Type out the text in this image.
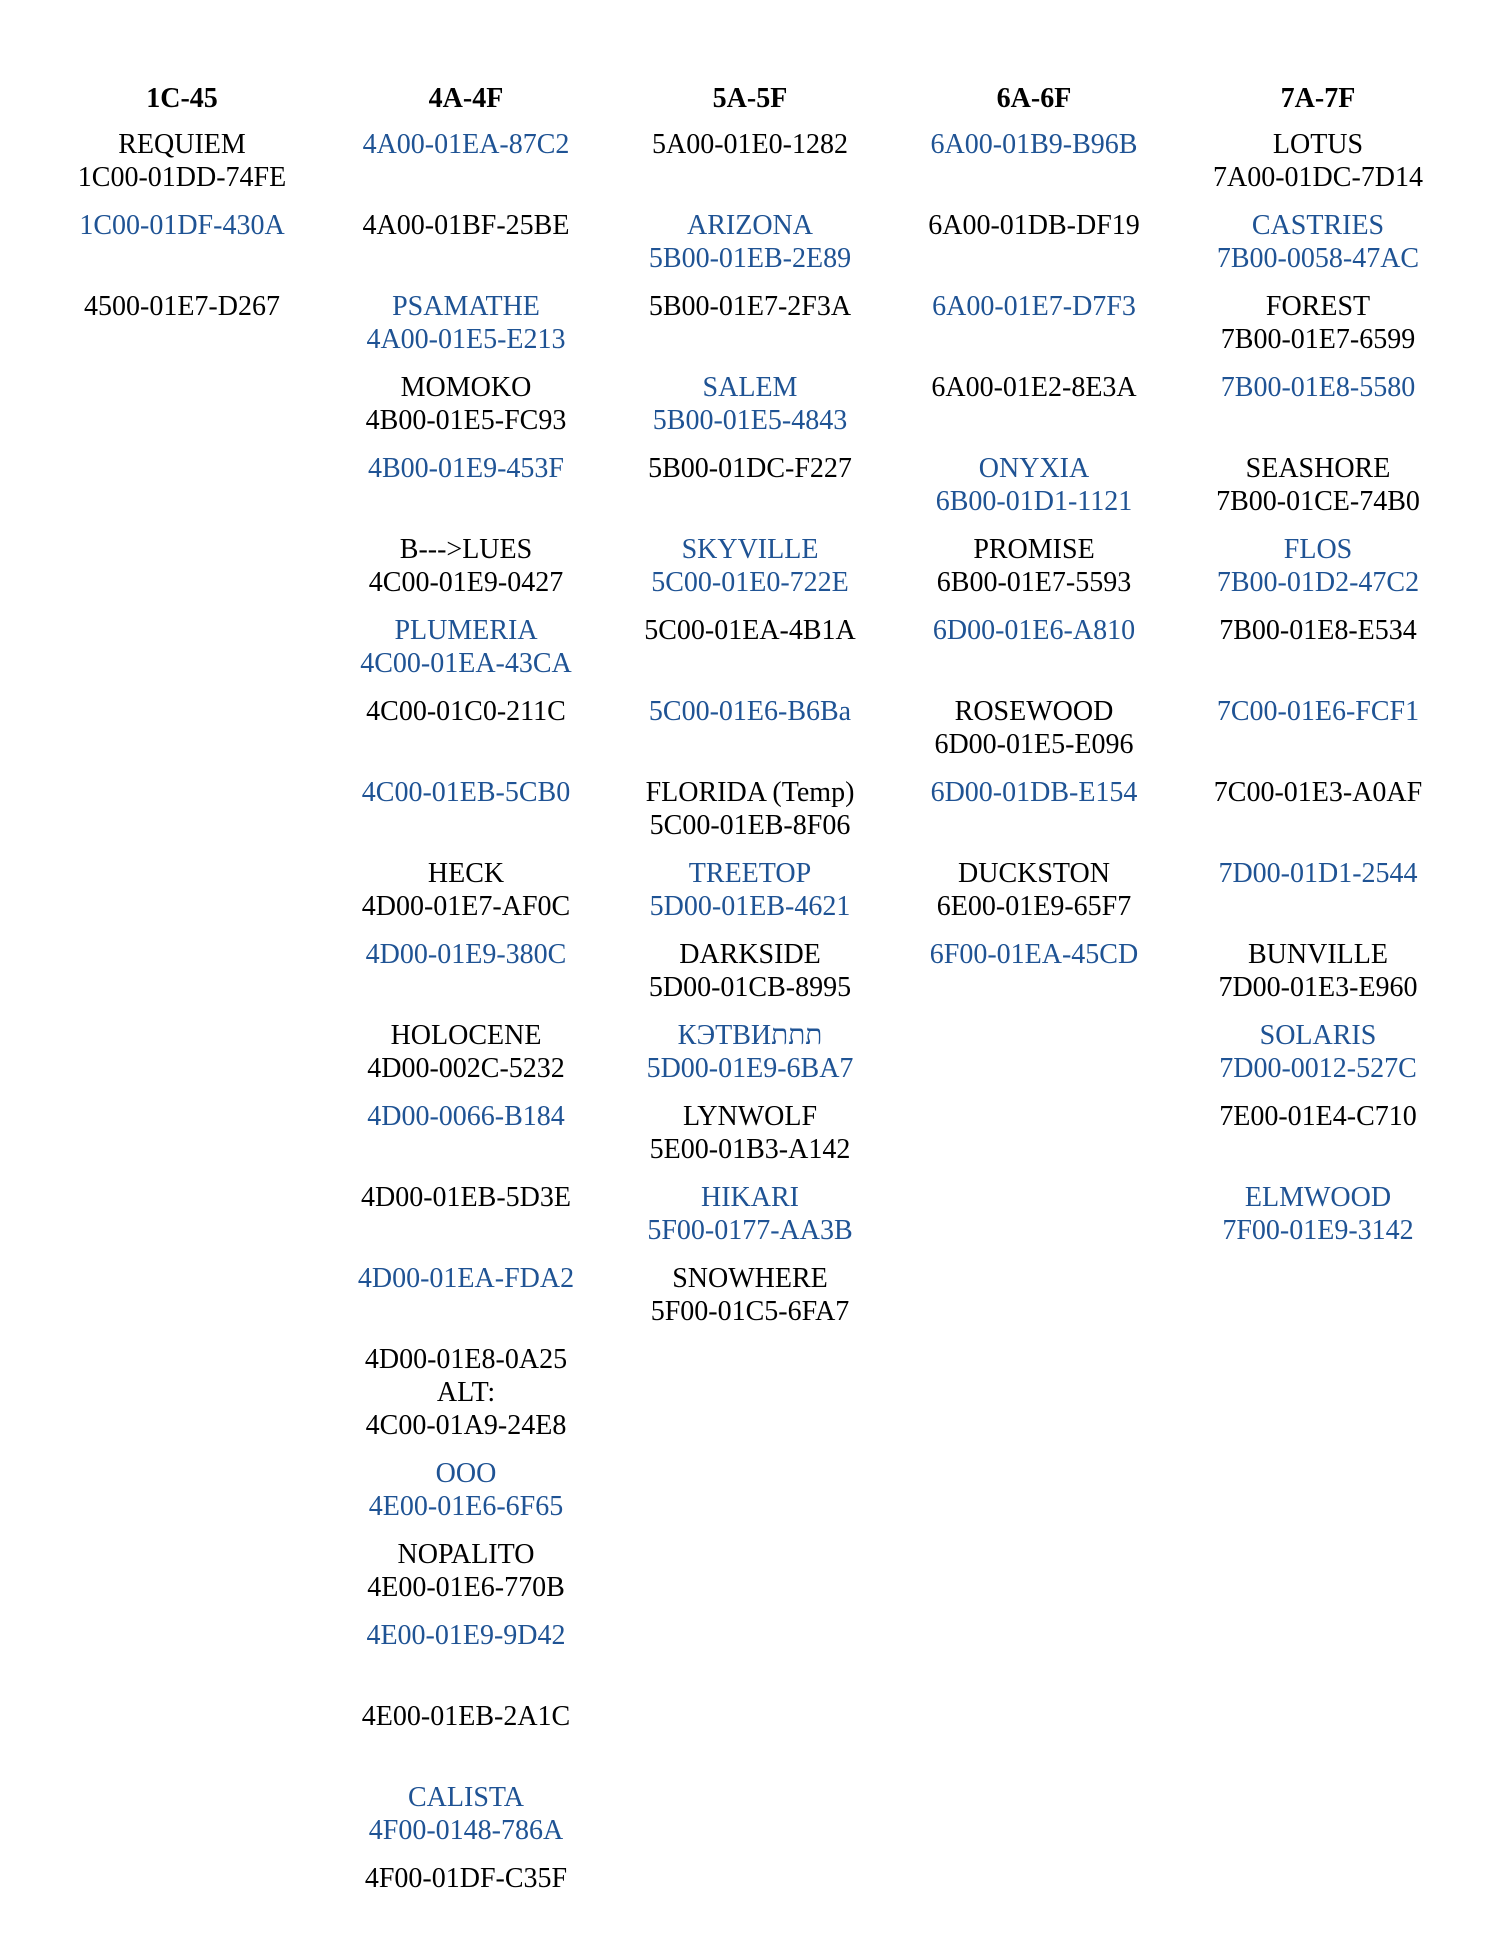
1C-45
REQUIEM
1C00-01DD-74FE
1C00-01DF-430A
4500-01E7-D267
4A-4F
4A00-01EA-87C2
4A00-01BF-25BE
PSAMATHE
4A00-01E5-E213
MOMOKO
4B00-01E5-FC93
4B00-01E9-453F
B--->LUES
4C00-01E9-0427
PLUMERIA
4C00-01EA-43CA
4C00-01C0-211C
4C00-01EB-5CB0
HECK
4D00-01E7-AF0C
4D00-01E9-380C
HOLOCENE
4D00-002C-5232
4D00-0066-B184
4D00-01EB-5D3E
4D00-01EA-FDA2
4D00-01E8-0A25
ALT:
4C00-01A9-24E8
OOO
4E00-01E6-6F65
NOPALITO
4E00-01E6-770B
4E00-01E9-9D42
4E00-01EB-2A1C
CALISTA
4F00-0148-786A
4F00-01DF-C35F
5A-5F
5A00-01E0-1282
ARIZONA
5B00-01EB-2E89
5B00-01E7-2F3A
SALEM
5B00-01E5-4843
5B00-01DC-F227
SKYVILLE
5C00-01E0-722E
5C00-01EA-4B1A
5C00-01E6-B6Ba
FLORIDA (Temp)
5C00-01EB-8F06
TREETOP
5D00-01EB-4621
DARKSIDE
5D00-01CB-8995
КЭТВИתתת
5D00-01E9-6BA7
LYNWOLF
5E00-01B3-A142
HIKARI
5F00-0177-AA3B
SNOWHERE
5F00-01C5-6FA7
6A-6F
6A00-01B9-B96B
6A00-01DB-DF19
6A00-01E7-D7F3
6A00-01E2-8E3A
ONYXIA
6B00-01D1-1121
PROMISE
6B00-01E7-5593
6D00-01E6-A810
ROSEWOOD
6D00-01E5-E096
6D00-01DB-E154
DUCKSTON
6E00-01E9-65F7
6F00-01EA-45CD
7A-7F
LOTUS
7A00-01DC-7D14
CASTRIES
7B00-0058-47AC
FOREST
7B00-01E7-6599
7B00-01E8-5580
SEASHORE
7B00-01CE-74B0
FLOS
7B00-01D2-47C2
7B00-01E8-E534
7C00-01E6-FCF1
7C00-01E3-A0AF
7D00-01D1-2544
BUNVILLE
7D00-01E3-E960
SOLARIS
7D00-0012-527C
7E00-01E4-C710
ELMWOOD
7F00-01E9-3142
